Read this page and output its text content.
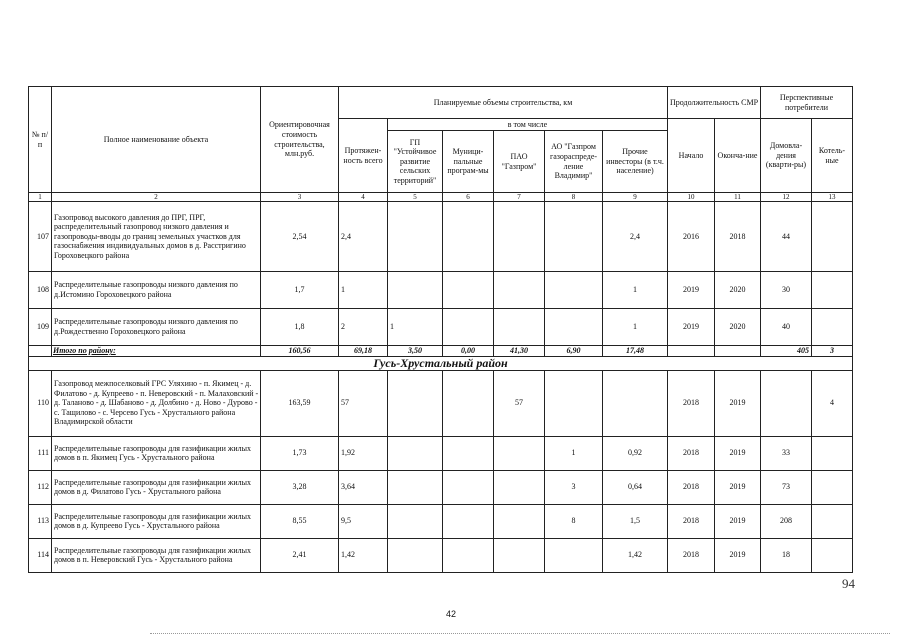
№ п/п	Полное наименование объекта	Ориентировочная стоимость строительства, млн.руб.	Планируемые объемы строительства, км						Продолжительность СМР		Перспективные потребители	
			Протяжен-ность всего	в том числе					Начало	Оконча-ние	Домовла-дения (кварти-ры)	Котель-ные
				ГП "Устойчивое развитие сельских территорий"	Муници-пальные програм-мы	ПАО "Газпром"	АО "Газпром газораспреде-ление Владимир"	Прочие инвесторы (в т.ч. население)				
1	2	3	4	5	6	7	8	9	10	11	12	13
107	Газопровод высокого давления до ПРГ, ПРГ, распределительный газопровод низкого давления и газопроводы-вводы до границ земельных участков для газоснабжения индивидуальных домов в д. Расстригино Гороховецкого района	2,54	2,4					2,4	2016	2018	44	
108	Распределительные газопроводы низкого давления по д.Истомино Гороховецкого района	1,7	1					1	2019	2020	30	
109	Распределительные газопроводы низкого давления по д.Рождественно Гороховецкого района	1,8	2	1				1	2019	2020	40	
	Итого по району:	160,56	69,18	3,50	0,00	41,30	6,90	17,48			405	3
Гусь-Хрустальный район												
110	Газопровод межпоселковый ГРС Уляхино - п. Якимец - д. Филатово - д. Купреево - п. Неверовский - п. Малаховский - д. Таланово - д. Шабаново - д. Долбино - д. Ново - Дурово - с. Тащилово - с. Черсево Гусь - Хрустального района Владимирской области	163,59	57			57			2018	2019		4
111	Распределительные газопроводы для газификации жилых домов в п. Якимец Гусь - Хрустального района	1,73	1,92				1	0,92	2018	2019	33	
112	Распределительные газопроводы для газификации жилых домов в д. Филатово Гусь - Хрустального района	3,28	3,64				3	0,64	2018	2019	73	
113	Распределительные газопроводы для газификации жилых домов в д. Купреево Гусь - Хрустального района	8,55	9,5				8	1,5	2018	2019	208	
114	Распределительные газопроводы для газификации жилых домов в п. Неверовский Гусь - Хрустального района	2,41	1,42					1,42	2018	2019	18	
94
42
